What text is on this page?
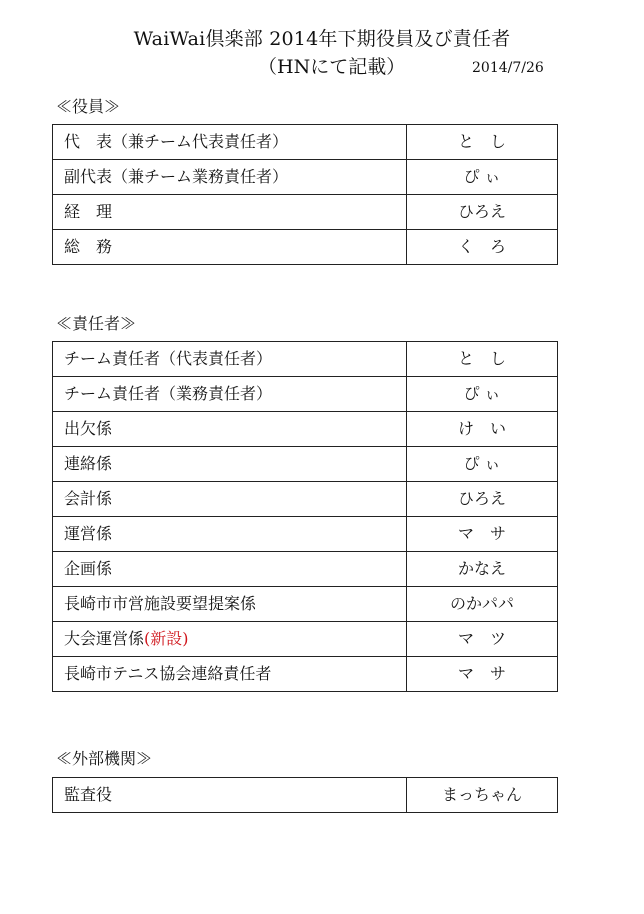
WaiWai倶楽部 2014年下期役員及び責任者
（HNにて記載）	2014/7/26
≪役員≫
代　表（兼チーム代表責任者）	と　し
副代表（兼チーム業務責任者）	ぴ ぃ
経　理	ひろえ
総　務	く　ろ
≪責任者≫
チーム責任者（代表責任者）	と　し
チーム責任者（業務責任者）	ぴ ぃ
出欠係	け　い
連絡係	ぴ ぃ
会計係	ひろえ
運営係	マ　サ
企画係	かなえ
長崎市市営施設要望提案係	のかパパ
大会運営係(新設)	マ　ツ
長崎市テニス協会連絡責任者	マ　サ
≪外部機関≫
監査役	まっちゃん
